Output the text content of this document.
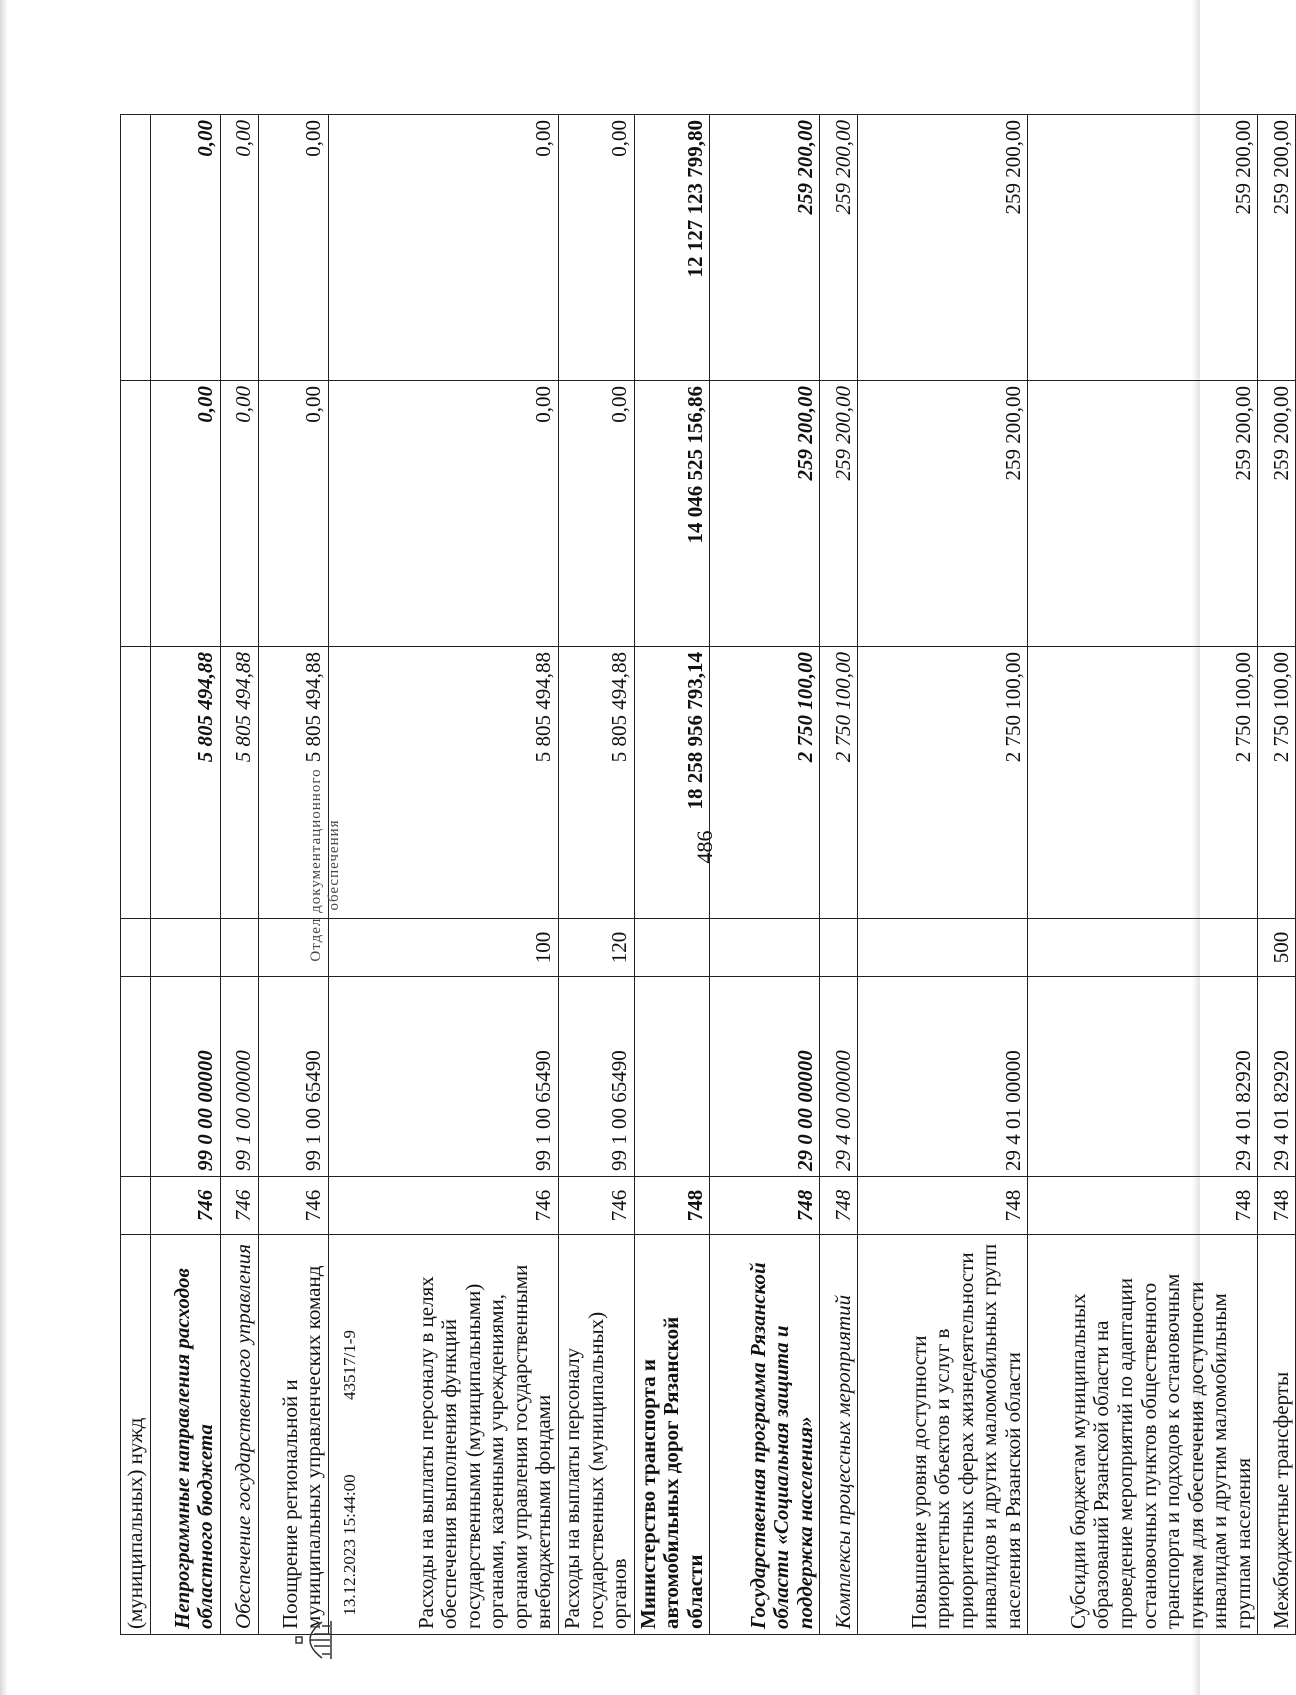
486
(муниципальных) нужд						
Непрограммные направления расходов областного бюджета	746	99 0 00 00000		5 805 494,88	0,00	0,00
Обеспечение государственного управления	746	99 1 00 00000		5 805 494,88	0,00	0,00
Поощрение региональной и муниципальных управленческих команд	746	99 1 00 65490		5 805 494,88	0,00	0,00
Расходы на выплаты персоналу в целях обеспечения выполнения функций государственными (муниципальными) органами, казенными учреждениями, органами управления государственными внебюджетными фондами	746	99 1 00 65490	100	5 805 494,88	0,00	0,00
Расходы на выплаты персоналу государственных (муниципальных) органов	746	99 1 00 65490	120	5 805 494,88	0,00	0,00
Министерство транспорта и автомобильных дорог Рязанской области	748			18 258 956 793,14	14 046 525 156,86	12 127 123 799,80
Государственная программа Рязанской области «Социальная защита и поддержка населения»	748	29 0 00 00000		2 750 100,00	259 200,00	259 200,00
Комплексы процессных мероприятий	748	29 4 00 00000		2 750 100,00	259 200,00	259 200,00
Повышение уровня доступности приоритетных объектов и услуг в приоритетных сферах жизнедеятельности инвалидов и других маломобильных групп населения в Рязанской области	748	29 4 01 00000		2 750 100,00	259 200,00	259 200,00
Субсидии бюджетам муниципальных образований Рязанской области на проведение мероприятий по адаптации остановочных пунктов общественного транспорта и подходов к остановочным пунктам для обеспечения доступности инвалидам и другим маломобильным группам населения	748	29 4 01 82920		2 750 100,00	259 200,00	259 200,00
Межбюджетные трансферты	748	29 4 01 82920	500	2 750 100,00	259 200,00	259 200,00
13.12.2023 15:44:00
43517/1-9
Отдел документационного обеспечения
